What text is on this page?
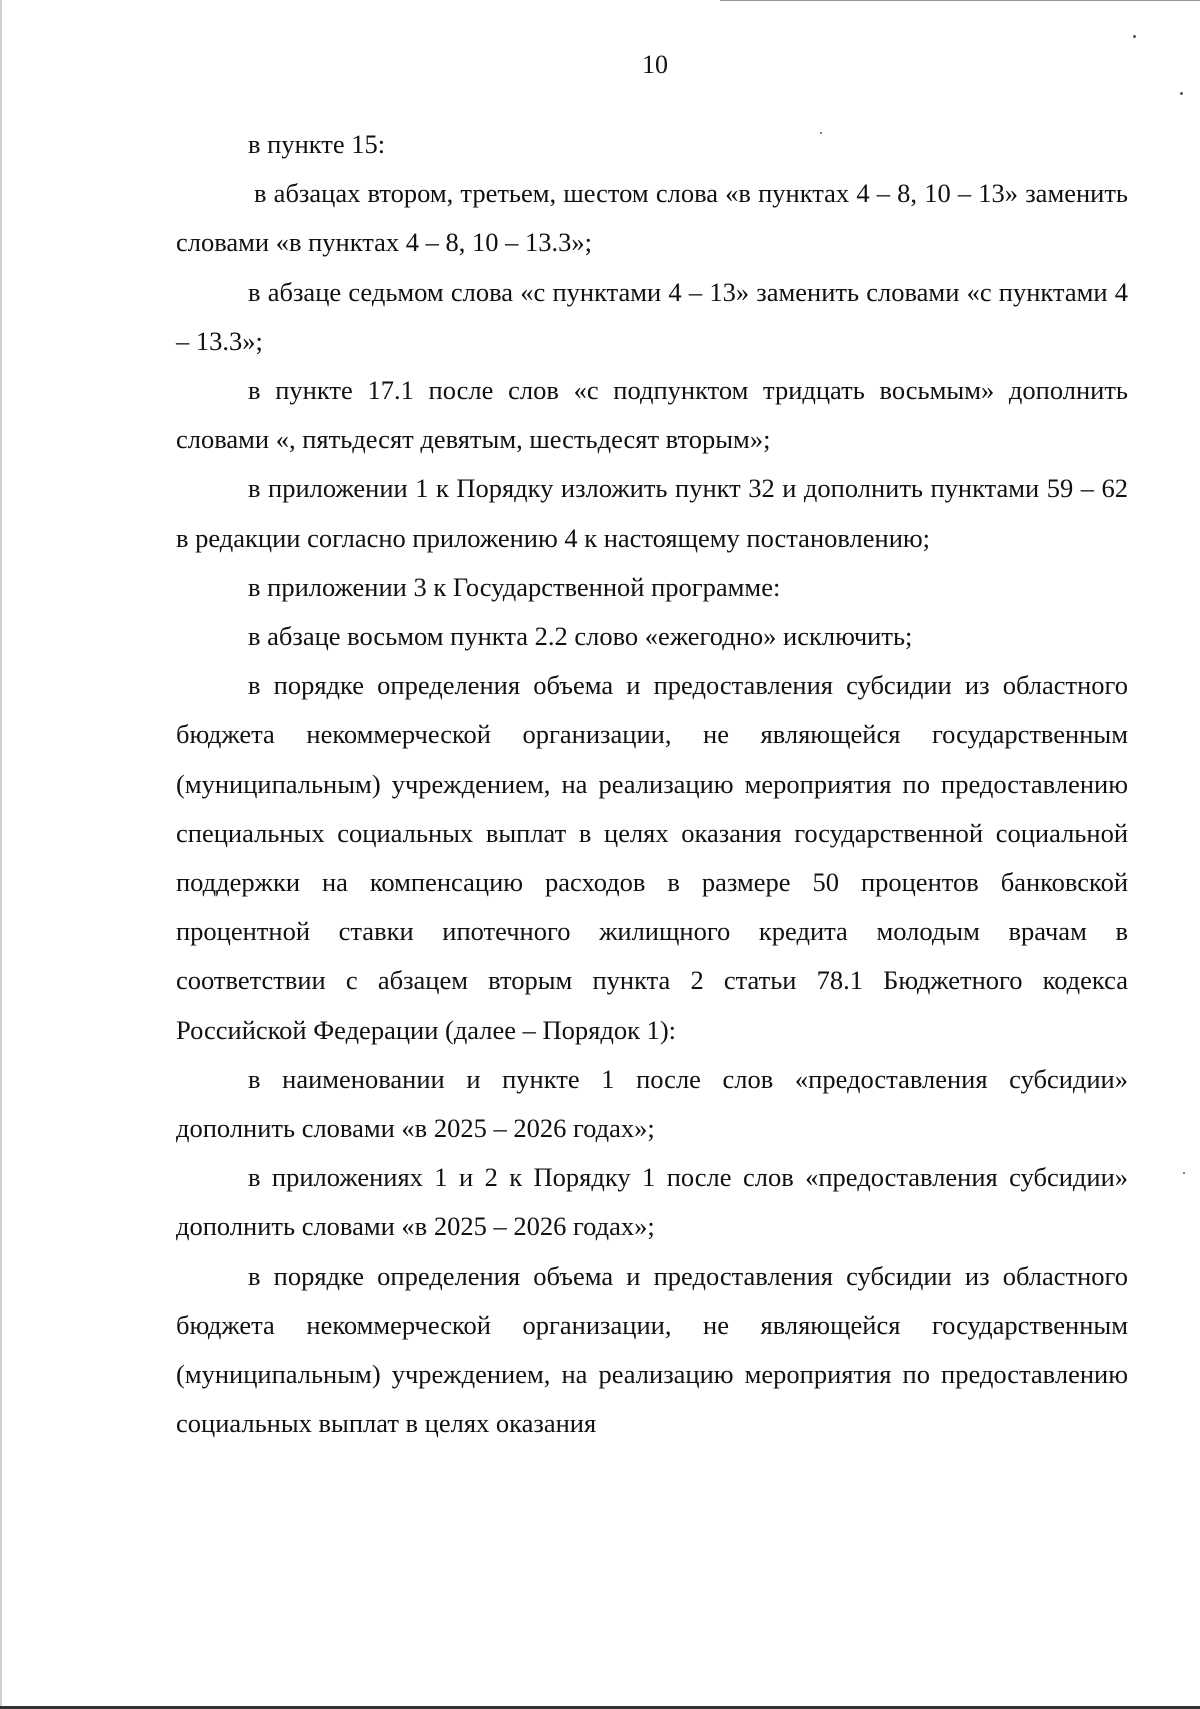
10

в пункте 15:

в абзацах втором, третьем, шестом слова «в пунктах 4 – 8, 10 – 13» заменить словами «в пунктах 4 – 8, 10 – 13.3»;

в абзаце седьмом слова «с пунктами 4 – 13» заменить словами «с пунктами 4 – 13.3»;

в пункте 17.1 после слов «с подпунктом тридцать восьмым» дополнить словами «, пятьдесят девятым, шестьдесят вторым»;

в приложении 1 к Порядку изложить пункт 32 и дополнить пунктами 59 – 62 в редакции согласно приложению 4 к настоящему постановлению;

в приложении 3 к Государственной программе:

в абзаце восьмом пункта 2.2 слово «ежегодно» исключить;

в порядке определения объема и предоставления субсидии из областного бюджета некоммерческой организации, не являющейся государственным (муниципальным) учреждением, на реализацию мероприятия по предоставлению специальных социальных выплат в целях оказания государственной социальной поддержки на компенсацию расходов в размере 50 процентов банковской процентной ставки ипотечного жилищного кредита молодым врачам в соответствии с абзацем вторым пункта 2 статьи 78.1 Бюджетного кодекса Российской Федерации (далее – Порядок 1):

в наименовании и пункте 1 после слов «предоставления субсидии» дополнить словами «в 2025 – 2026 годах»;

в приложениях 1 и 2 к Порядку 1 после слов «предоставления субсидии» дополнить словами «в 2025 – 2026 годах»;

в порядке определения объема и предоставления субсидии из областного бюджета некоммерческой организации, не являющейся государственным (муниципальным) учреждением, на реализацию мероприятия по предоставлению социальных выплат в целях оказания
